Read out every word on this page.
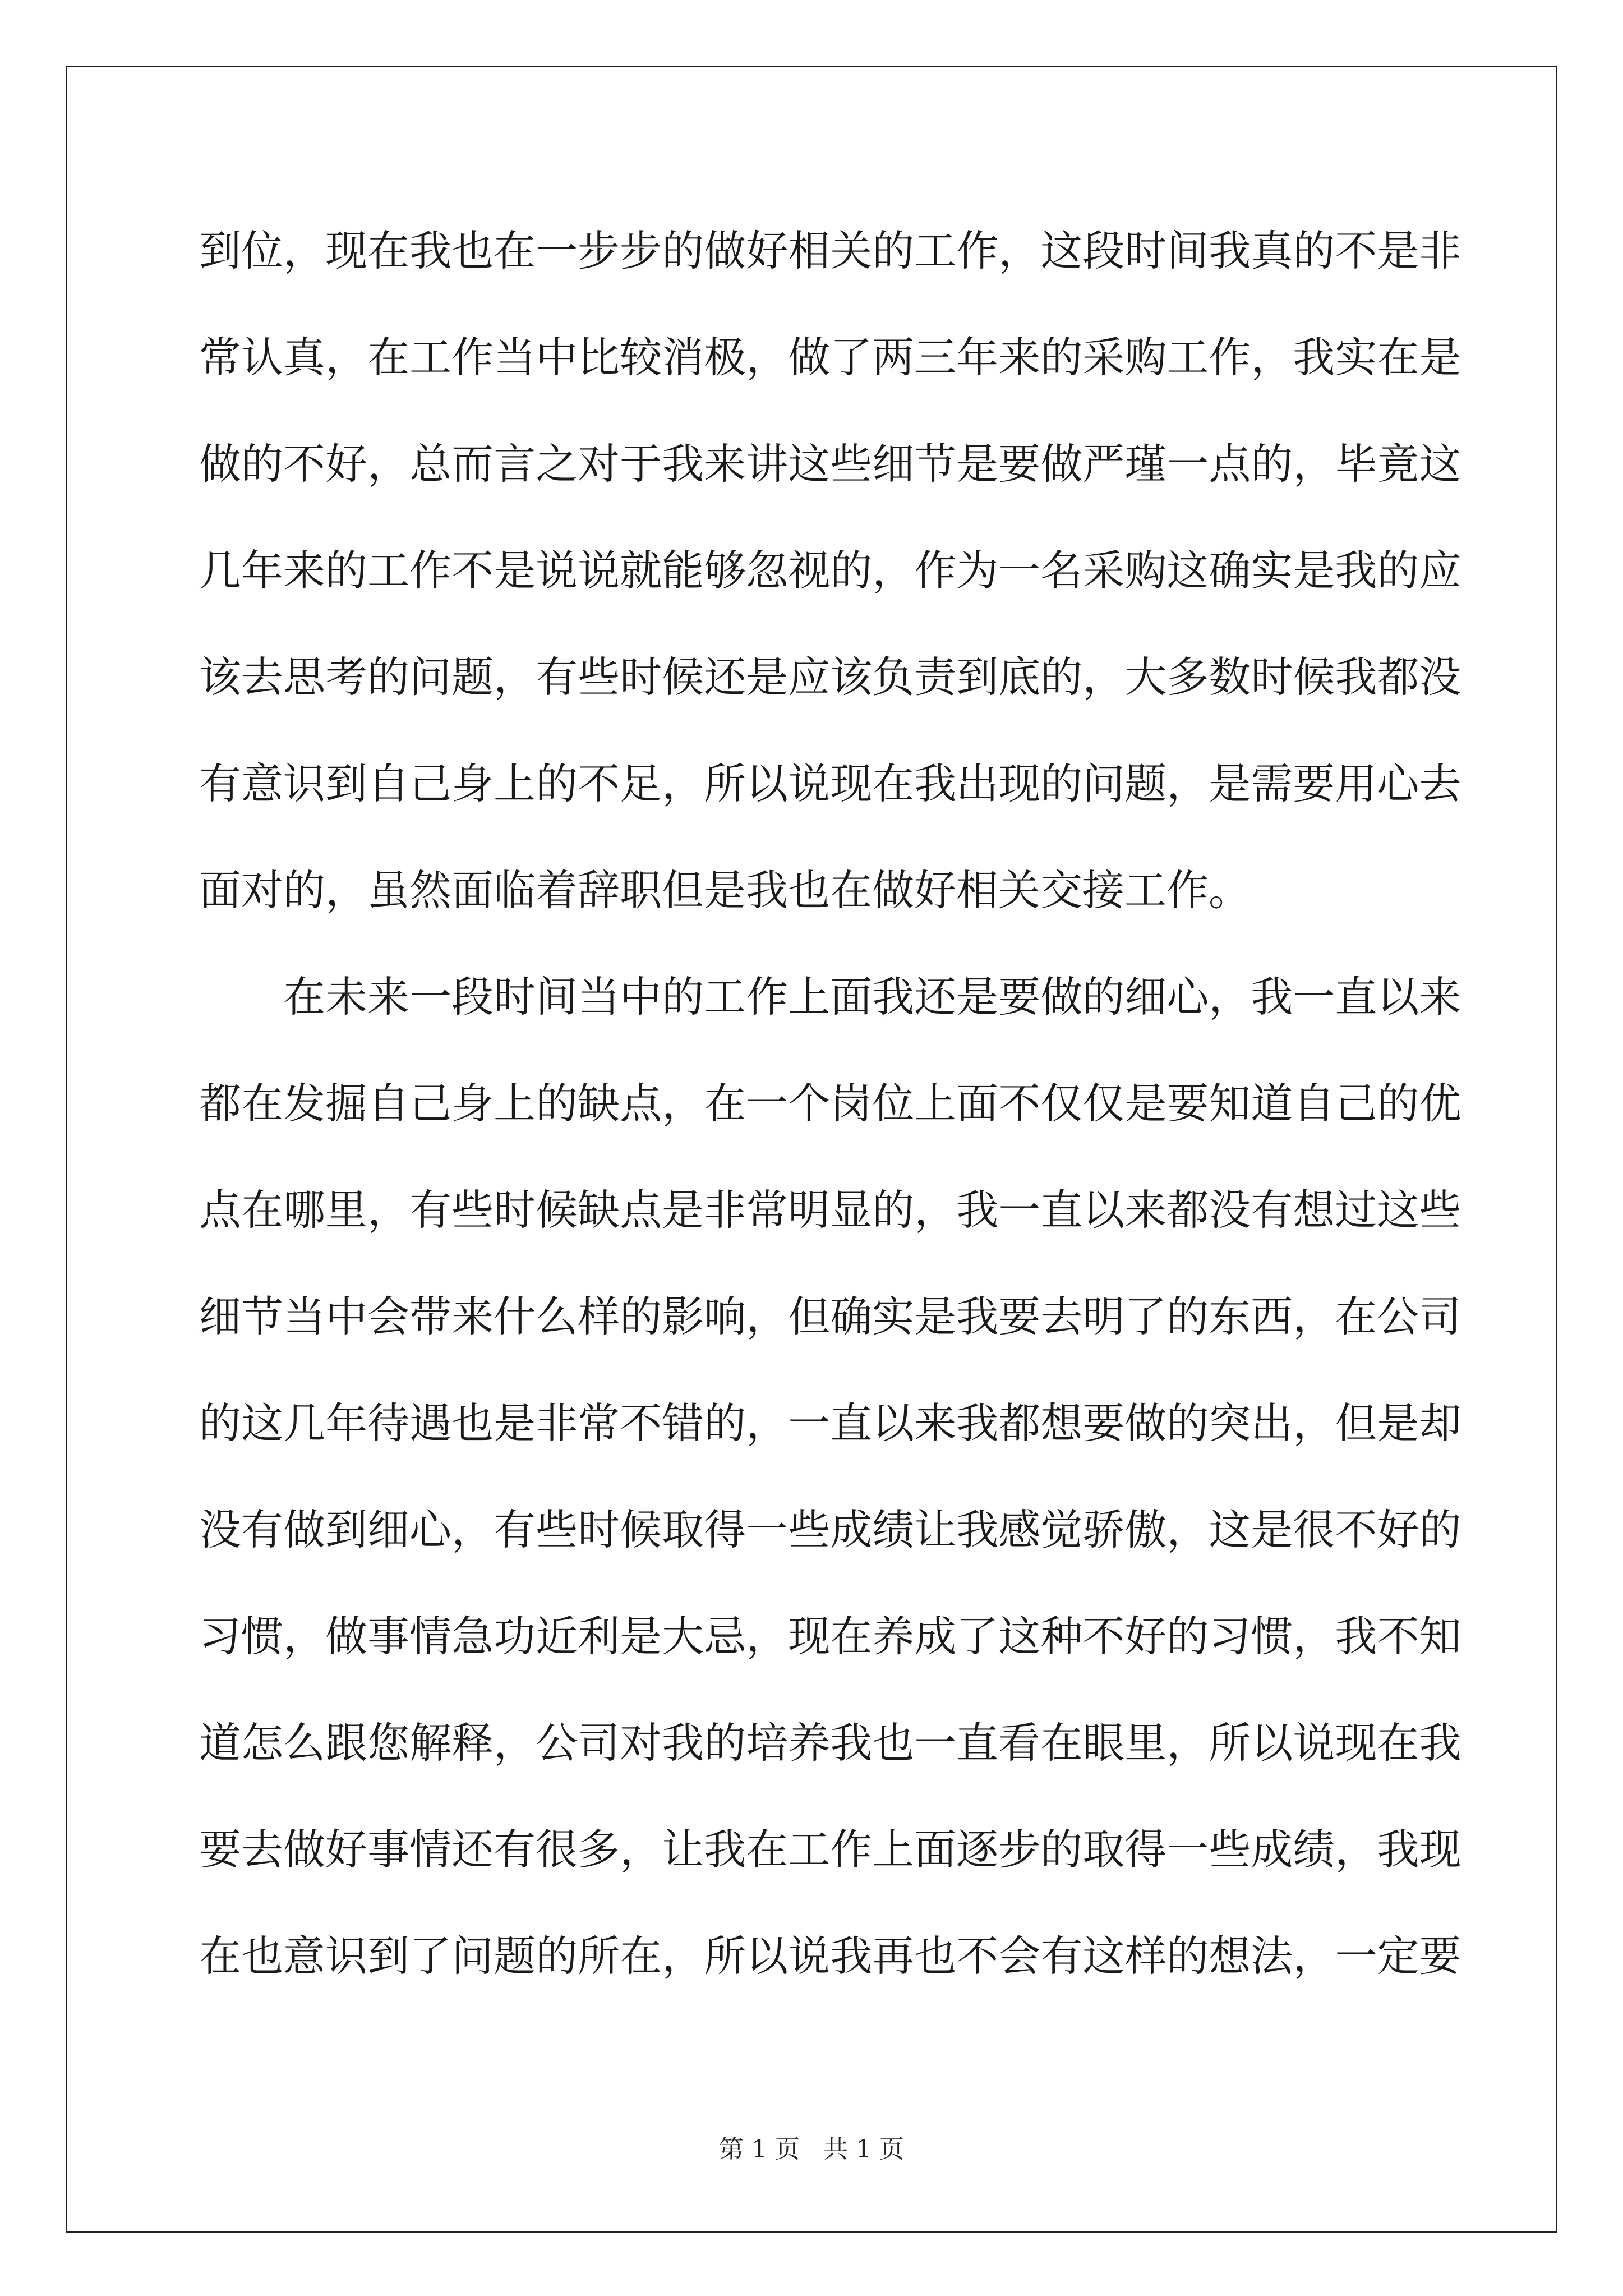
到 位 ， 现 在 我 也 在 一 步 步 的 做 好 相 关 的 工 作 ， 这 段 时 间 我 真 的 不 是 非
常 认 真 ， 在 工 作 当 中 比 较 消 极 ， 做 了 两 三 年 来 的 采 购 工 作 ， 我 实 在 是
做 的 不 好 ， 总 而 言 之 对 于 我 来 讲 这 些 细 节 是 要 做 严 瑾 一 点 的 ， 毕 竟 这
几 年 来 的 工 作 不 是 说 说 就 能 够 忽 视 的 ， 作 为 一 名 采 购 这 确 实 是 我 的 应
该 去 思 考 的 问 题 ， 有 些 时 候 还 是 应 该 负 责 到 底 的 ， 大 多 数 时 候 我 都 没
有 意 识 到 自 己 身 上 的 不 足 ， 所 以 说 现 在 我 出 现 的 问 题 ， 是 需 要 用 心 去
面对的，虽然面临着辞职但是我也在做好相关交接工作。
在 未 来 一 段 时 间 当 中 的 工 作 上 面 我 还 是 要 做 的 细 心 ， 我 一 直 以 来
都 在 发 掘 自 己 身 上 的 缺 点 ， 在 一 个 岗 位 上 面 不 仅 仅 是 要 知 道 自 己 的 优
点 在 哪 里 ， 有 些 时 候 缺 点 是 非 常 明 显 的 ， 我 一 直 以 来 都 没 有 想 过 这 些
细 节 当 中 会 带 来 什 么 样 的 影 响 ， 但 确 实 是 我 要 去 明 了 的 东 西 ， 在 公 司
的 这 几 年 待 遇 也 是 非 常 不 错 的 ， 一 直 以 来 我 都 想 要 做 的 突 出 ， 但 是 却
没 有 做 到 细 心 ， 有 些 时 候 取 得 一 些 成 绩 让 我 感 觉 骄 傲 ， 这 是 很 不 好 的
习 惯 ， 做 事 情 急 功 近 利 是 大 忌 ， 现 在 养 成 了 这 种 不 好 的 习 惯 ， 我 不 知
道 怎 么 跟 您 解 释 ， 公 司 对 我 的 培 养 我 也 一 直 看 在 眼 里 ， 所 以 说 现 在 我
要 去 做 好 事 情 还 有 很 多 ， 让 我 在 工 作 上 面 逐 步 的 取 得 一 些 成 绩 ， 我 现
在 也 意 识 到 了 问 题 的 所 在 ， 所 以 说 我 再 也 不 会 有 这 样 的 想 法 ， 一 定 要
第 1 页   共 1 页
